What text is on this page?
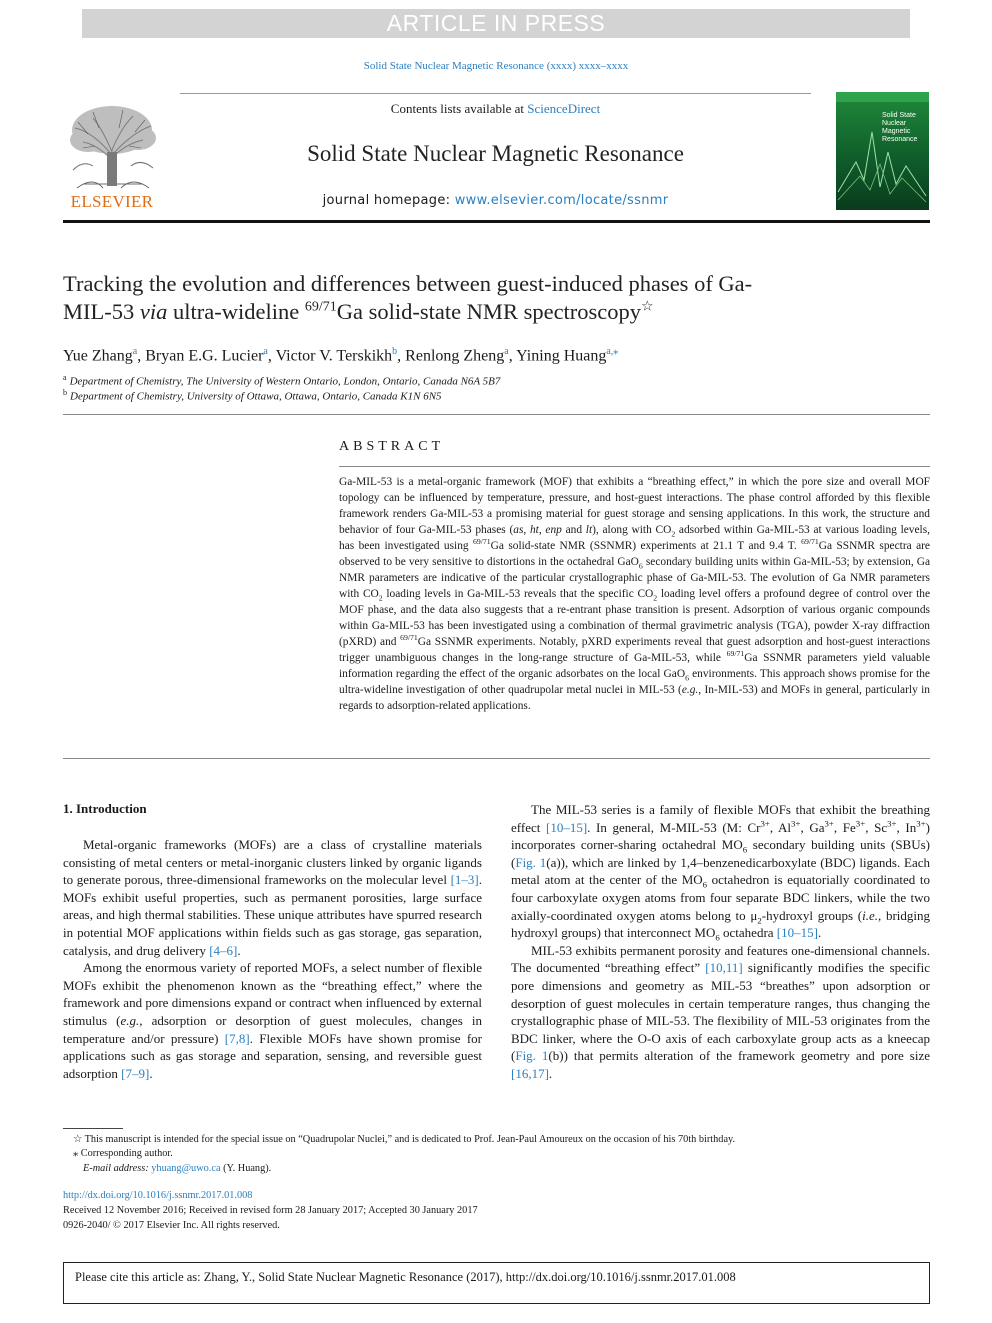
ARTICLE IN PRESS
Solid State Nuclear Magnetic Resonance (xxxx) xxxx–xxxx
ELSEVIER
Contents lists available at ScienceDirect
Solid State Nuclear Magnetic Resonance
journal homepage: www.elsevier.com/locate/ssnmr
Solid State
Nuclear
Magnetic
Resonance
Tracking the evolution and differences between guest-induced phases of Ga-
MIL-53 via ultra-wideline $^{69/71}$Ga solid-state NMR spectroscopy☆
Yue Zhang$^a$, Bryan E.G. Lucier$^a$, Victor V. Terskikh$^b$, Renlong Zheng$^a$, Yining Huang$^{a,⁎}$
$^a$ Department of Chemistry, The University of Western Ontario, London, Ontario, Canada N6A 5B7
$^b$ Department of Chemistry, University of Ottawa, Ottawa, Ontario, Canada K1N 6N5
ABSTRACT
Ga-MIL-53 is a metal-organic framework (MOF) that exhibits a “breathing effect,” in which the pore size and overall MOF topology can be influenced by temperature, pressure, and host-guest interactions. The phase control afforded by this flexible framework renders Ga-MIL-53 a promising material for guest storage and sensing applications. In this work, the structure and behavior of four Ga-MIL-53 phases (as, ht, enp and lt), along with $CO_2$ adsorbed within Ga-MIL-53 at various loading levels, has been investigated using $^{69/71}$Ga solid-state NMR (SSNMR) experiments at 21.1 T and 9.4 T. $^{69/71}$Ga SSNMR spectra are observed to be very sensitive to distortions in the octahedral GaO$_6$ secondary building units within Ga-MIL-53; by extension, Ga NMR parameters are indicative of the particular crystallographic phase of Ga-MIL-53. The evolution of Ga NMR parameters with $CO_2$ loading levels in Ga-MIL-53 reveals that the specific $CO_2$ loading level offers a profound degree of control over the MOF phase, and the data also suggests that a re-entrant phase transition is present. Adsorption of various organic compounds within Ga-MIL-53 has been investigated using a combination of thermal gravimetric analysis (TGA), powder X-ray diffraction (pXRD) and $^{69/71}$Ga SSNMR experiments. Notably, pXRD experiments reveal that guest adsorption and host-guest interactions trigger unambiguous changes in the long-range structure of Ga-MIL-53, while $^{69/71}$Ga SSNMR parameters yield valuable information regarding the effect of the organic adsorbates on the local GaO$_6$ environments. This approach shows promise for the ultra-wideline investigation of other quadrupolar metal nuclei in MIL-53 (e.g., In-MIL-53) and MOFs in general, particularly in regards to adsorption-related applications.
1. Introduction

Metal-organic frameworks (MOFs) are a class of crystalline materials consisting of metal centers or metal-inorganic clusters linked by organic ligands to generate porous, three-dimensional frameworks on the molecular level [1–3]. MOFs exhibit useful properties, such as permanent porosities, large surface areas, and high thermal stabilities. These unique attributes have spurred research in potential MOF applications within fields such as gas storage, gas separation, catalysis, and drug delivery [4–6].

Among the enormous variety of reported MOFs, a select number of flexible MOFs exhibit the phenomenon known as the “breathing effect,” where the framework and pore dimensions expand or contract when influenced by external stimulus (e.g., adsorption or desorption of guest molecules, changes in temperature and/or pressure) [7,8]. Flexible MOFs have shown promise for applications such as gas storage and separation, sensing, and reversible guest adsorption [7–9].

The MIL-53 series is a family of flexible MOFs that exhibit the breathing effect [10–15]. In general, M-MIL-53 (M: $Cr^{3+}$, $Al^{3+}$, $Ga^{3+}$, $Fe^{3+}$, $Sc^{3+}$, $In^{3+}$) incorporates corner-sharing octahedral $MO_6$ secondary building units (SBUs) (Fig. 1(a)), which are linked by 1,4–benzenedicarboxylate (BDC) ligands. Each metal atom at the center of the $MO_6$ octahedron is equatorially coordinated to four carboxylate oxygen atoms from four separate BDC linkers, while the two axially-coordinated oxygen atoms belong to $\mu_2$-hydroxyl groups (i.e., bridging hydroxyl groups) that interconnect $MO_6$ octahedra [10–15].

MIL-53 exhibits permanent porosity and features one-dimensional channels. The documented “breathing effect” [10,11] significantly modifies the specific pore dimensions and geometry as MIL-53 “breathes” upon adsorption or desorption of guest molecules in certain temperature ranges, thus changing the crystallographic phase of MIL-53. The flexibility of MIL-53 originates from the BDC linker, where the O-O axis of each carboxylate group acts as a kneecap (Fig. 1(b)) that permits alteration of the framework geometry and pore size [16,17].

☆ This manuscript is intended for the special issue on “Quadrupolar Nuclei,” and is dedicated to Prof. Jean-Paul Amoureux on the occasion of his 70th birthday.

⁎ Corresponding author.

E-mail address: yhuang@uwo.ca (Y. Huang).

http://dx.doi.org/10.1016/j.ssnmr.2017.01.008
Received 12 November 2016; Received in revised form 28 January 2017; Accepted 30 January 2017
0926-2040/ © 2017 Elsevier Inc. All rights reserved.
Please cite this article as: Zhang, Y., Solid State Nuclear Magnetic Resonance (2017), http://dx.doi.org/10.1016/j.ssnmr.2017.01.008
